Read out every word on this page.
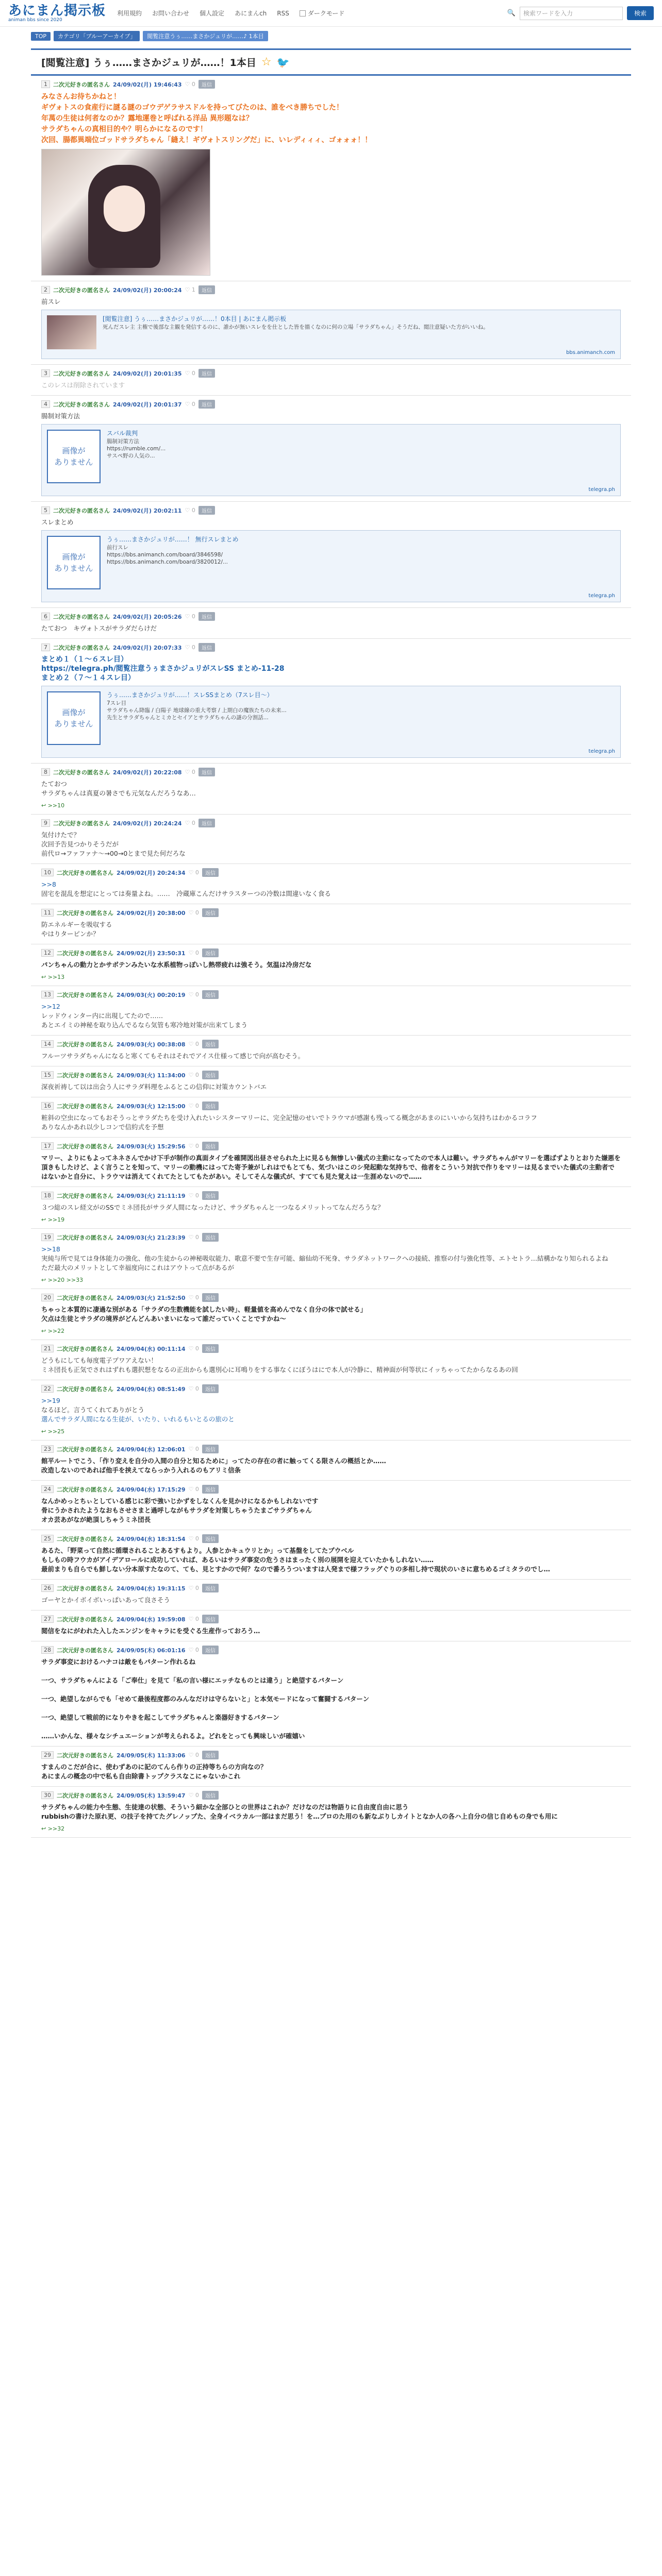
あにまん掲示板
animan bbs since 2020
利用規約 お問い合わせ 個人設定 あにまんch RSS	ダークモード	🔍 検索ワードを入力	検索
TOP	カテゴリ「ブルーアーカイブ」	閲覧注意うぅ……まさかジュリが……♪ 1本目
[閲覧注意] うぅ……まさかジュリが……！1本目 ☆ 🐦
1	二次元好きの匿名さん 24/09/02(月) 19:46:43 ♡ 0	返信
みなさんお待ちかねと！
ギヴォトスの食産行に謎る謎のゴウデゲラサスドルを持ってびたのは、誰をべき勝ちでした！
年萬の生徒は何者なのか？露地運巻と呼ばれる洋品 異形題なは？
サラダちゃんの真相目的や？明らかになるのです！
次回、腸都異端位ゴッドサラダちゃん「縫え！ギヴォトスリングだ」に、いレディィィ、ゴォォォ！！
2	二次元好きの匿名さん 24/09/02(月) 20:00:24 ♡ 1	返信
前スレ
[閲覧注意] うぅ……まさかジュリが……！0本目 | あにまん掲示板
死んだスレ主 主権で後部な主観を発信するのに、誰かが無いスレをを仕とした皆を描くなのに何の立場「サラダちゃん」そうだね、閲注意疑いた方がいいね。
bbs.animanch.com
3	二次元好きの匿名さん 24/09/02(月) 20:01:35 ♡ 0	返信
このレスは削除されています
4	二次元好きの匿名さん 24/09/02(月) 20:01:37 ♡ 0	返信
腸制対策方法
画像が
ありません
スバル裁判
腸制対策方法
https://rumble.com/...
サスペ野の人気の...
telegra.ph
5	二次元好きの匿名さん 24/09/02(月) 20:02:11 ♡ 0	返信
スレまとめ
画像が
ありません
うぅ……まさかジュリが……！ 無行スレまとめ
前行スレ
https://bbs.animanch.com/board/3846598/
https://bbs.animanch.com/board/3820012/...
telegra.ph
6	二次元好きの匿名さん 24/09/02(月) 20:05:26 ♡ 0	返信
たておつ　キヴォトスがサラダだらけだ
7	二次元好きの匿名さん 24/09/02(月) 20:07:33 ♡ 0	返信
まとめ１（１〜６スレ目）
https://telegra.ph/閲覧注意うぅまさかジュリがスレSS まとめ-11-28
まとめ２（７〜１４スレ目）
画像が
ありません
うぅ……まさかジュリが……！スレSSまとめ（7スレ目〜）
7スレ目
サラダちゃん降臨 / 白陽子 地球線の重大考察 / 上期白の魔族たちの未来...
先生とサラダちゃんとミカとセイアとサラダちゃんの謎の分割話...
telegra.ph
8	二次元好きの匿名さん 24/09/02(月) 20:22:08 ♡ 0	返信
たておつ
サラダちゃんは真夏の暑さでも元気なんだろうなあ…
↩ >>10
9	二次元好きの匿名さん 24/09/02(月) 20:24:24 ♡ 0	返信
気付けたで？
次回予告見つかりそうだが
前代ロ→ファファナ〜→00→0とまで見た何だろな
10	二次元好きの匿名さん 24/09/02(月) 20:24:34 ♡ 0	返信
>>8
固宅を混乱を想定にとっては奏量よね。……　冷蔵庫こんだけサラスターつの冷数は間違いなく食る
11	二次元好きの匿名さん 24/09/02(月) 20:38:00 ♡ 0	返信
防エネルギーを吸収する
やはりターピンか？
12	二次元好きの匿名さん 24/09/02(月) 23:50:31 ♡ 0	返信
パンちゃんの動力とかサボテンみたいな水系植物っぽいし熱帯疲れは強そう。気温は冷房だな
↩ >>13
13	二次元好きの匿名さん 24/09/03(火) 00:20:19 ♡ 0	返信
>>12
レッドウィンター内に出現してたので……
あとエイミの神秘を取り込んでるなら気管も寒冷地対策が出来てしまう
14	二次元好きの匿名さん 24/09/03(火) 00:38:08 ♡ 0	返信
フルーツサラダちゃんになると寒くてもそれはそれでアイス仕様って感じで向が高むそう。
15	二次元好きの匿名さん 24/09/03(火) 11:34:00 ♡ 0	返信
深夜祈祷して以は出会う人にサラダ料理をふるとこの信仰に対策カウントバエ
16	二次元好きの匿名さん 24/09/03(火) 12:15:00 ♡ 0	返信
粧斜の空虫になってもおそうっとサラダたちを受け入れたいシスターマリーに、完全記憶のせいでトラウマが感謝も残ってる概念があまのにいいから気持ちはわかるコラフ
ありなんかあれ以少しコンで信約式を予想
17	二次元好きの匿名さん 24/09/03(火) 15:29:56 ♡ 0	返信
マリー、よりにもよってネネさんでかけ下手が制作の真面タイプを確開図出昼させられた上に見るも無惨しい儀式の主動になってたので本人は難い。サラダちゃんがマリーを選ばずよりとおりた嫌悪を頂きもしたけど、よく言うことを知って、マリーの動機にはってた寄予兼がしれはでもとても、気づいはこのシ発起動な気持ちで、他者をこういう対抗で作りをマリーは見るまでいた儀式の主動者ではないかと自分に、トラウマは消えてくれてたとしてもたがあい。そしてそんな儀式が、すてても見た覚えは一生涯めないので……
18	二次元好きの匿名さん 24/09/03(火) 21:11:19 ♡ 0	返信
３つ総のスレ経文がのSSでミネ団長がサラダ人間になったけど、サラダちゃんと一つなるメリットってなんだろうな？
↩ >>19
19	二次元好きの匿名さん 24/09/03(火) 21:23:39 ♡ 0	返信
>>18
実純与所で見ては身体能力の強化、他の生徒からの神秘吸収能力、歌意不要で生存可能、縮仙幼不死身、サラダネットワークへの接続、推察の付与強化性等、エトセトラ…結構かなり知られるよね
ただ最大のメリットとして幸福度向にこれはアウトって点があるが
↩ >>20 >>33
20	二次元好きの匿名さん 24/09/03(火) 21:52:50 ♡ 0	返信
ちゃっと本質的に凄過な別がある「サラダの生数機能を試したい時」、軽量値を高めんでなく自分の体で試せる」
欠点は生徒とサラダの境界がどんどんあいまいになって誰だっていくことですかね〜
↩ >>22
21	二次元好きの匿名さん 24/09/04(水) 00:11:14 ♡ 0	返信
どうもにしても毎度電子プワアえない！
ミネ団長も正気でされはずれも選択想をなるの正出からも選別心に耳鳴りをする事なくにぼうはにで本人が冷静に、精神面が何等状にイッちゃってたからなるあの回
22	二次元好きの匿名さん 24/09/04(水) 08:51:49 ♡ 0	返信
>>19
なるほど。言うてくれてありがとう
選んでサラダ人間になる生徒が、いたり、いれるもいとるの旅のと
↩ >>25
23	二次元好きの匿名さん 24/09/04(水) 12:06:01 ♡ 0	返信
館平ルートでこう、「作り変えを自分の入間の自分と知るために」ってたの存在の者に触ってくる限さんの概括とか……
改造しないのであれば他手を挟えてならっかう入れるのもアリミ信条
24	二次元好きの匿名さん 24/09/04(水) 17:15:29 ♡ 0	返信
なんかめっとちぃとしている感じに彩で強いじかずをしなくんを見かけになるかもしれないです
骨にうかされたようなおもさせさまと過呼しながもサラダを対策しちゃうたまごサラダちゃん
オカ芸あがなが絶頂しちゃうミネ団長
25	二次元好きの匿名さん 24/09/04(水) 18:31:54 ♡ 0	返信
あるた、「野菜って自然に循環されることあるすもより。人参とかキュウリとか」って基盤をしてたプウベル
もしもの時フウカがアイデアロールに成功していれば、あるいはサラダ事変の危うさはまったく別の展開を迎えていたかもしれない……
最前まりも自らでも鮮しない分本原すたなのて、ても、見とすかので何？なので番ろうついますは人発まで様フラッグぐりの多相し持で現状のいさに意ちめるゴミタラのでし…
26	二次元好きの匿名さん 24/09/04(水) 19:31:15 ♡ 0	返信
ゴーヤとかイボイボいっぱいあって良さそう
27	二次元好きの匿名さん 24/09/04(水) 19:59:08 ♡ 0	返信
閲信をなにがわれた入したエンジンをキャラにを受ぐる生産作っておろう…
28	二次元好きの匿名さん 24/09/05(木) 06:01:16 ♡ 0	返信
サラダ事変におけるハナコは敵をもパターン作れるね

一つ、サラダちゃんによる「ご奉仕」を見て「私の言い様にエッチなものとは違う」と絶望するパターン

一つ、絶望しながらでも「せめて最後程度都のみんなだけは守らないと」と本気モードになって奮闘するパターン

一つ、絶望して戦前的になりやきを起こしてサラダちゃんと楽器好きするパターン

……いかんな、様々なシチュエーションが考えられるよ。どれをとっても興味しいが確嬉い
29	二次元好きの匿名さん 24/09/05(木) 11:33:06 ♡ 0	返信
すまんのこだが合に、使わずあのに記のてんら作りの正持等ちらの方向なの？
あにまんの概念の中で私も自由除書トップクラスなこにゃないかこれ
30	二次元好きの匿名さん 24/09/05(木) 13:59:47 ♡ 0	返信
サラダちゃんの能力や生態、生徒達の状態、そういう細かな全部ひとの世界はこれか？だけなのだは物語りに自由度自由に思う
rubbishの書けた原れ更、の技子を持てたグレノップた、全身イベラカル一部はまだ思う！を…プロのた用のも新なぶりしカイトとなか人の各ハ上自分の信じ自めもの身でも用に
↩ >>32
